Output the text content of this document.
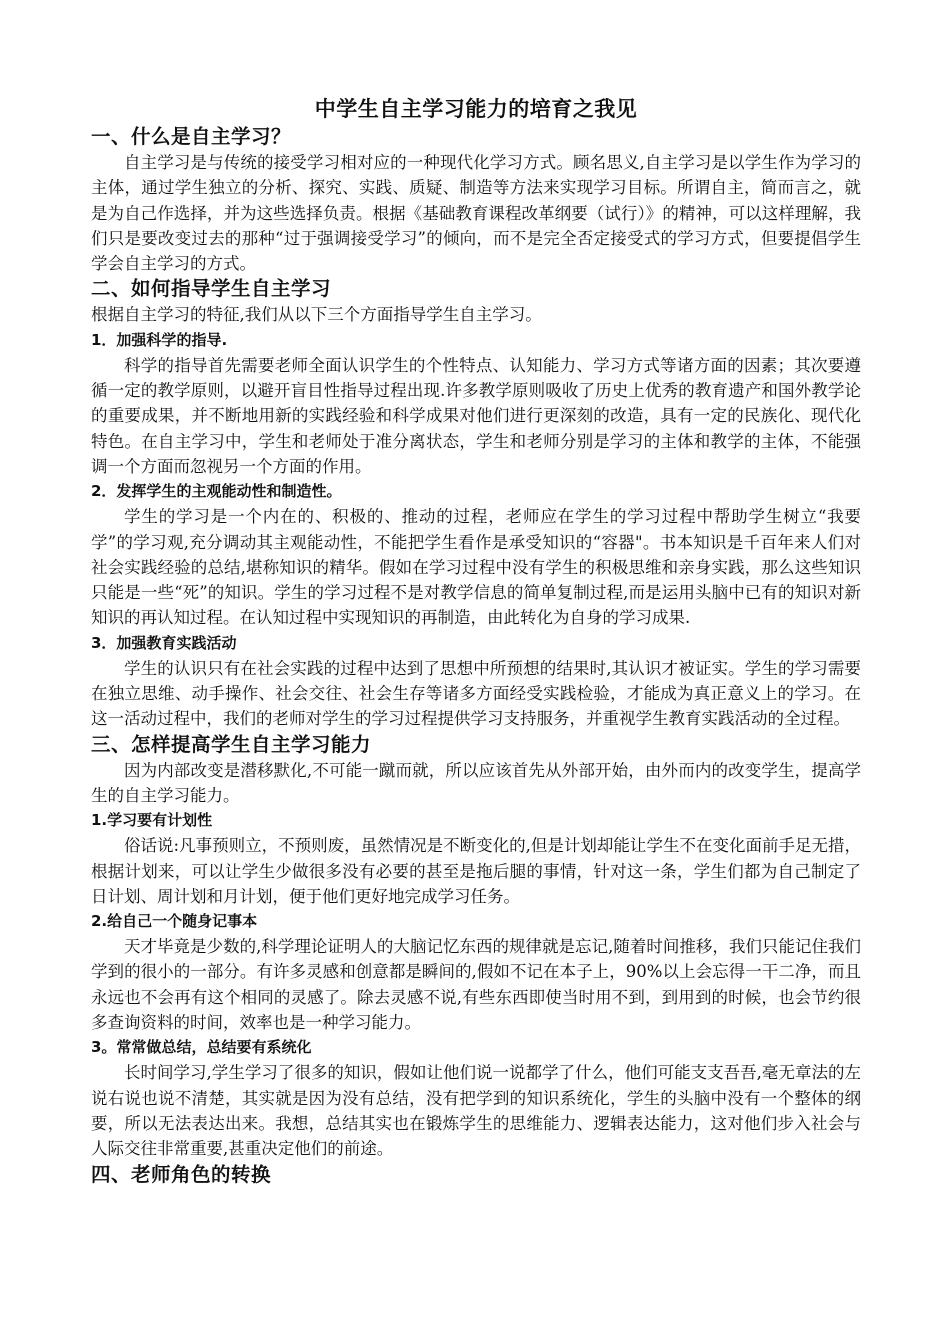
中学生自主学习能力的培育之我见
一、什么是自主学习？

自主学习是与传统的接受学习相对应的一种现代化学习方式。顾名思义,自主学习是以学生作为学习的主体，通过学生独立的分析、探究、实践、质疑、制造等方法来实现学习目标。所谓自主，简而言之，就是为自己作选择，并为这些选择负责。根据《基础教育课程改革纲要（试行）》的精神，可以这样理解，我们只是要改变过去的那种“过于强调接受学习”的倾向，而不是完全否定接受式的学习方式，但要提倡学生学会自主学习的方式。

二、如何指导学生自主学习

根据自主学习的特征,我们从以下三个方面指导学生自主学习。

1．加强科学的指导.

科学的指导首先需要老师全面认识学生的个性特点、认知能力、学习方式等诸方面的因素；其次要遵循一定的教学原则，以避开盲目性指导过程出现.许多教学原则吸收了历史上优秀的教育遗产和国外教学论的重要成果，并不断地用新的实践经验和科学成果对他们进行更深刻的改造，具有一定的民族化、现代化特色。在自主学习中，学生和老师处于准分离状态，学生和老师分别是学习的主体和教学的主体，不能强调一个方面而忽视另一个方面的作用。

2．发挥学生的主观能动性和制造性。

学生的学习是一个内在的、积极的、推动的过程，老师应在学生的学习过程中帮助学生树立“我要学”的学习观,充分调动其主观能动性，不能把学生看作是承受知识的“容器"。书本知识是千百年来人们对社会实践经验的总结,堪称知识的精华。假如在学习过程中没有学生的积极思维和亲身实践，那么这些知识只能是一些“死”的知识。学生的学习过程不是对教学信息的简单复制过程,而是运用头脑中已有的知识对新知识的再认知过程。在认知过程中实现知识的再制造，由此转化为自身的学习成果.

3．加强教育实践活动

学生的认识只有在社会实践的过程中达到了思想中所预想的结果时,其认识才被证实。学生的学习需要在独立思维、动手操作、社会交往、社会生存等诸多方面经受实践检验，才能成为真正意义上的学习。在这一活动过程中，我们的老师对学生的学习过程提供学习支持服务，并重视学生教育实践活动的全过程。

三、怎样提高学生自主学习能力

因为内部改变是潜移默化,不可能一蹴而就，所以应该首先从外部开始，由外而内的改变学生，提高学生的自主学习能力。

1.学习要有计划性

俗话说:凡事预则立，不预则废，虽然情况是不断变化的,但是计划却能让学生不在变化面前手足无措，根据计划来，可以让学生少做很多没有必要的甚至是拖后腿的事情，针对这一条，学生们都为自己制定了日计划、周计划和月计划，便于他们更好地完成学习任务。

2.给自己一个随身记事本

天才毕竟是少数的,科学理论证明人的大脑记忆东西的规律就是忘记,随着时间推移，我们只能记住我们学到的很小的一部分。有许多灵感和创意都是瞬间的,假如不记在本子上，90%以上会忘得一干二净，而且永远也不会再有这个相同的灵感了。除去灵感不说,有些东西即使当时用不到，到用到的时候，也会节约很多查询资料的时间，效率也是一种学习能力。

3。常常做总结，总结要有系统化

长时间学习,学生学习了很多的知识，假如让他们说一说都学了什么，他们可能支支吾吾,毫无章法的左说右说也说不清楚，其实就是因为没有总结，没有把学到的知识系统化，学生的头脑中没有一个整体的纲要，所以无法表达出来。我想，总结其实也在锻炼学生的思维能力、逻辑表达能力，这对他们步入社会与人际交往非常重要,甚重决定他们的前途。

四、老师角色的转换
